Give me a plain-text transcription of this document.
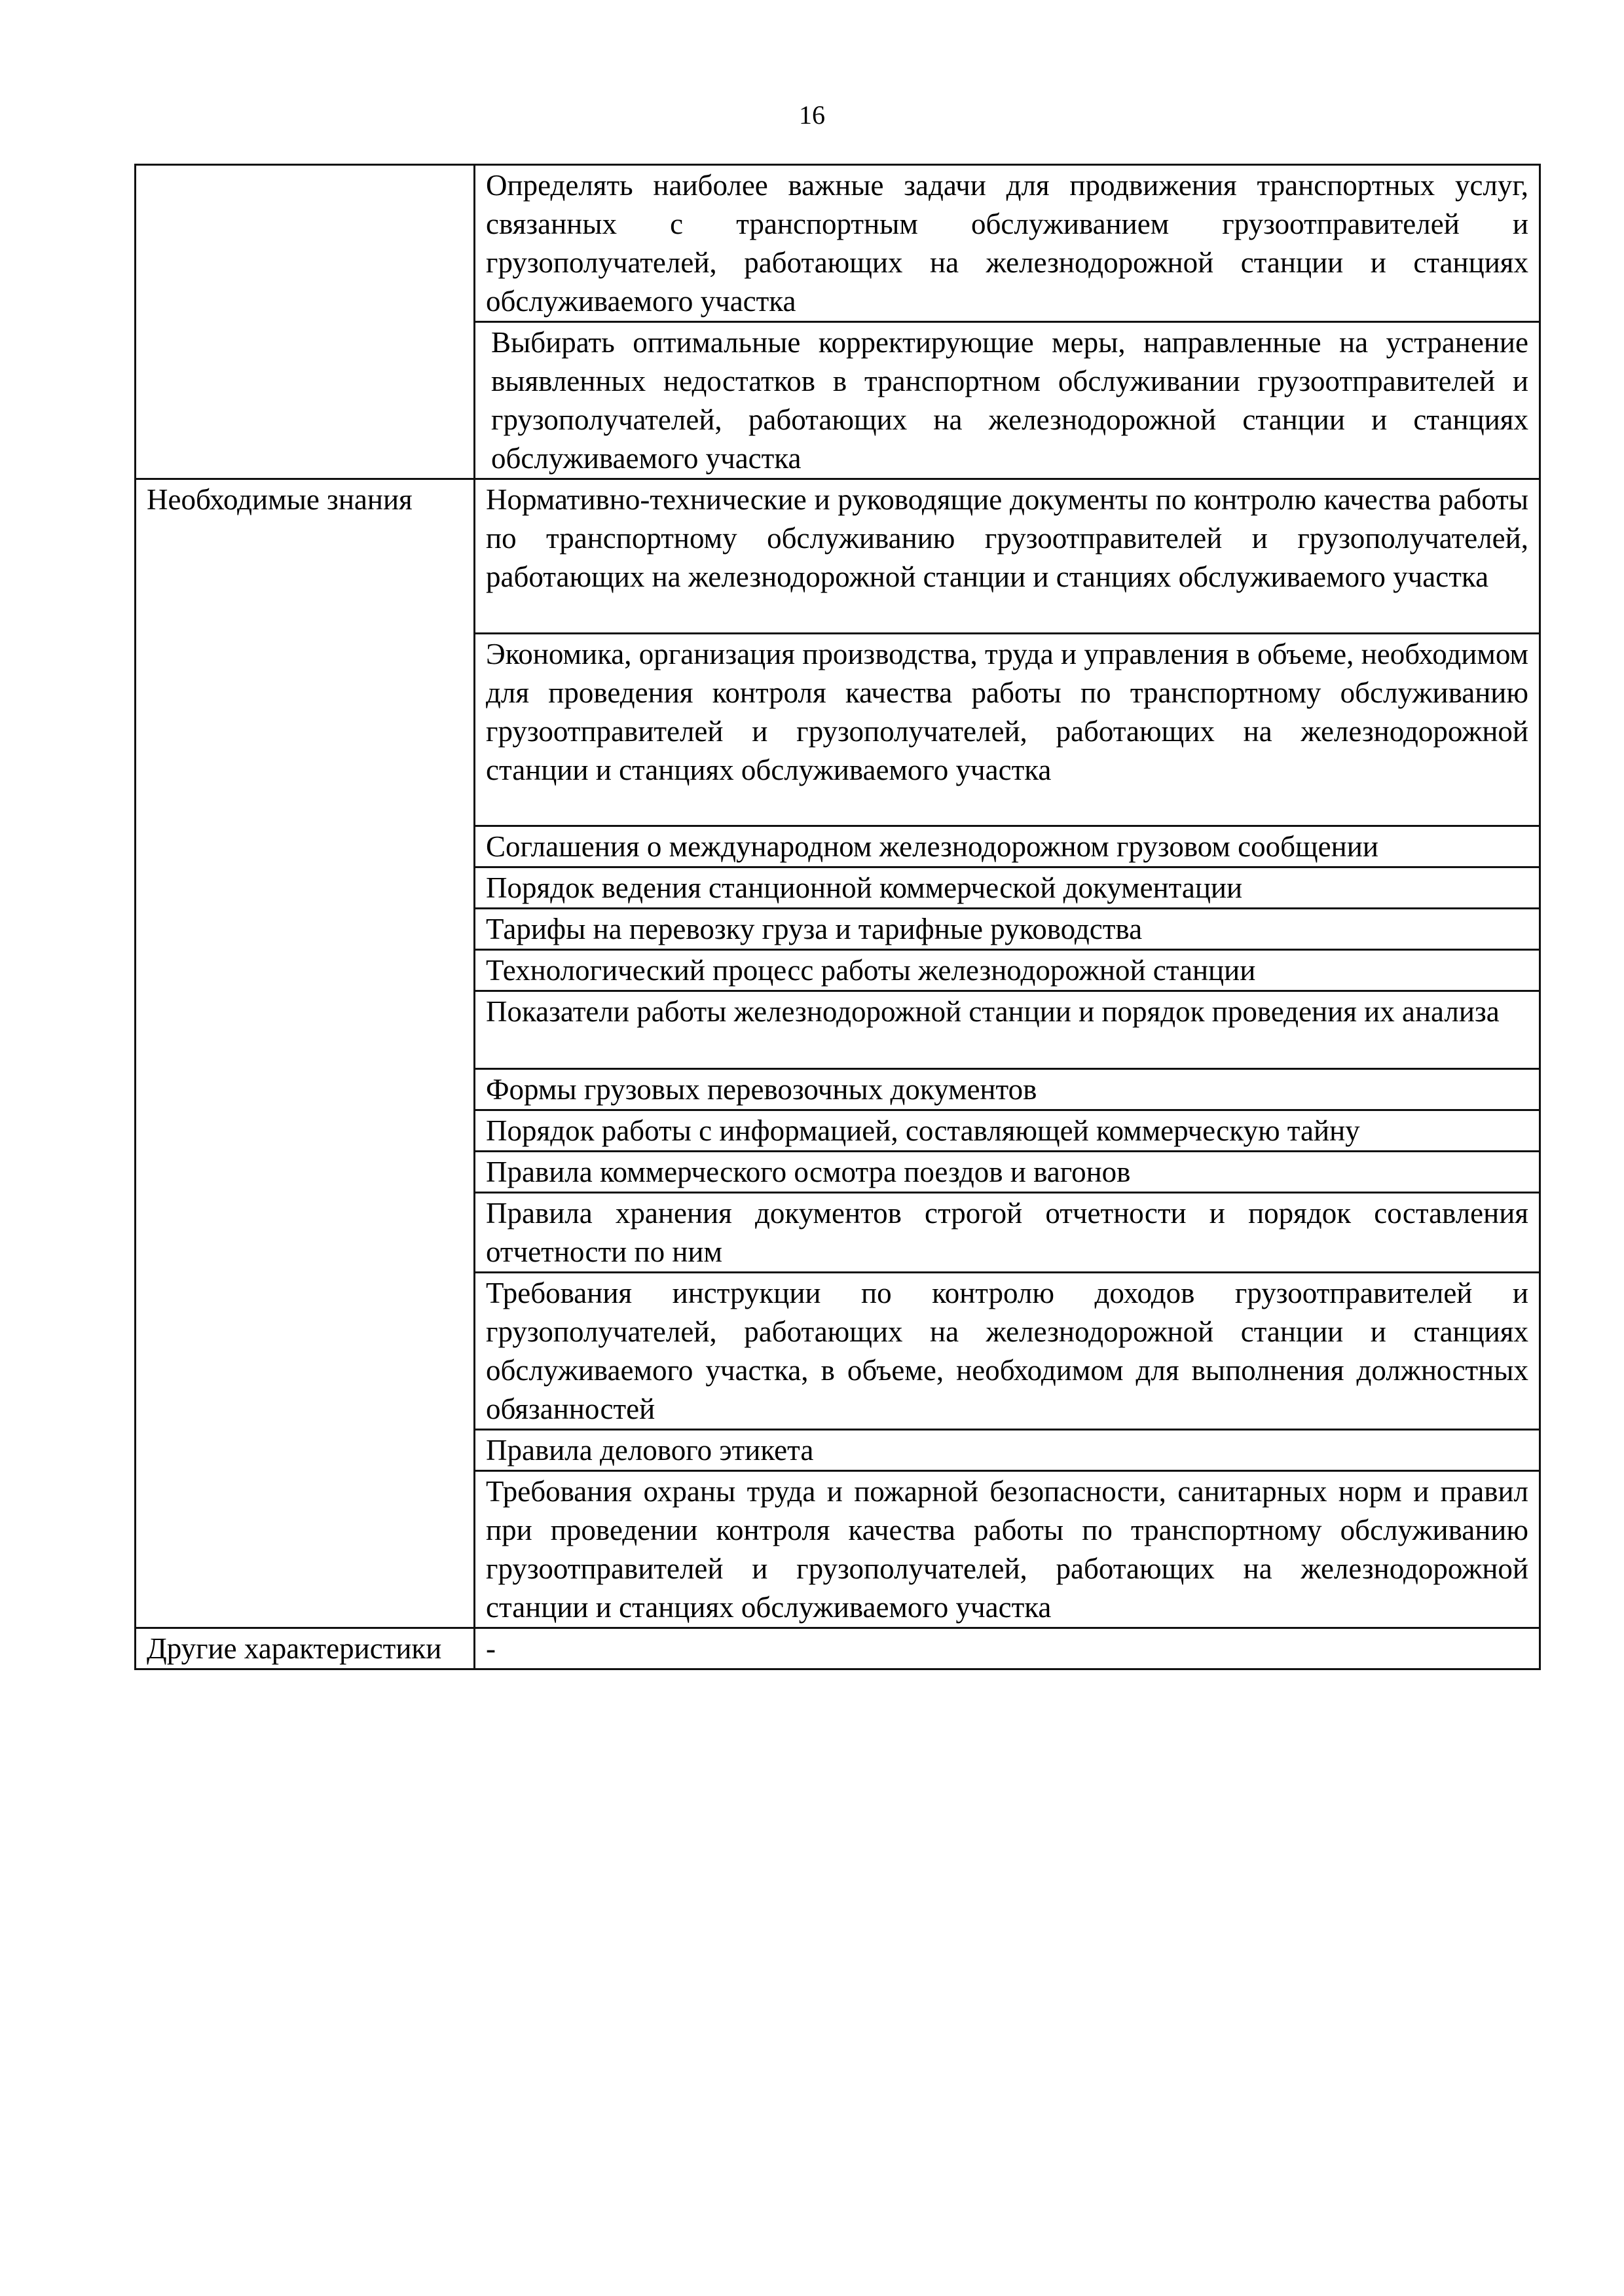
16
	Определять наиболее важные задачи для продвижения транспортных услуг, связанных с транспортным обслуживанием грузоотправителей и грузополучателей, работающих на железнодорожной станции и станциях обслуживаемого участка
	Выбирать оптимальные корректирующие меры, направленные на устранение выявленных недостатков в транспортном обслуживании грузоотправителей и грузополучателей, работающих на железнодорожной станции и станциях обслуживаемого участка
Необходимые знания	Нормативно-технические и руководящие документы по контролю качества работы по транспортному обслуживанию грузоотправителей и грузополучателей, работающих на железнодорожной станции и станциях обслуживаемого участка
	Экономика, организация производства, труда и управления в объеме, необходимом для проведения контроля качества работы по транспортному обслуживанию грузоотправителей и грузополучателей, работающих на железнодорожной станции и станциях обслуживаемого участка
	Соглашения о международном железнодорожном грузовом сообщении
	Порядок ведения станционной коммерческой документации
	Тарифы на перевозку груза и тарифные руководства
	Технологический процесс работы железнодорожной станции
	Показатели работы железнодорожной станции и порядок проведения их анализа
	Формы грузовых перевозочных документов
	Порядок работы с информацией, составляющей коммерческую тайну
	Правила коммерческого осмотра поездов и вагонов
	Правила хранения документов строгой отчетности и порядок составления отчетности по ним
	Требования инструкции по контролю доходов грузоотправителей и грузополучателей, работающих на железнодорожной станции и станциях обслуживаемого участка, в объеме, необходимом для выполнения должностных обязанностей
	Правила делового этикета
	Требования охраны труда и пожарной безопасности, санитарных норм и правил при проведении контроля качества работы по транспортному обслуживанию грузоотправителей и грузополучателей, работающих на железнодорожной станции и станциях обслуживаемого участка
Другие характеристики	-
